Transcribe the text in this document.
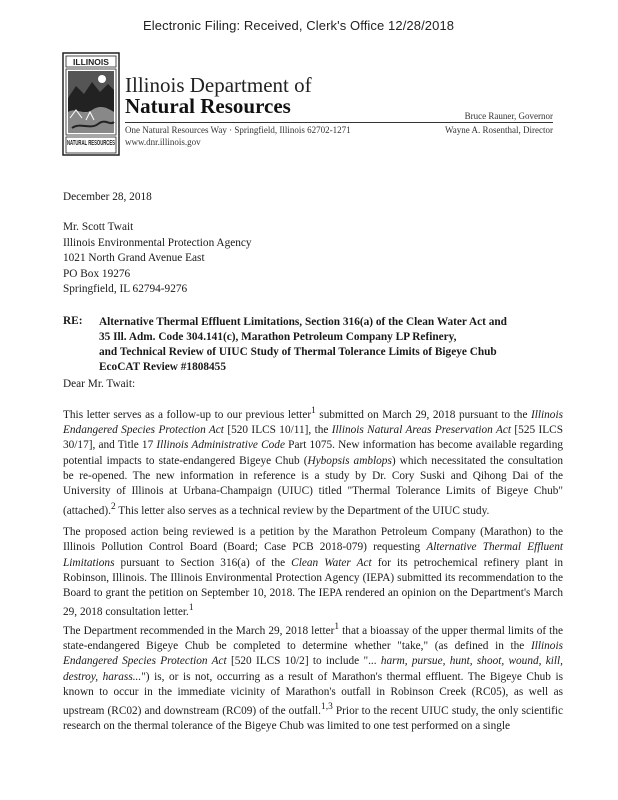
Electronic Filing: Received, Clerk's Office 12/28/2018
ILLINOIS
NATURAL RESOURCES
Illinois Department of
Natural Resources	Bruce Rauner, Governor
One Natural Resources Way · Springfield, Illinois 62702-1271	Wayne A. Rosenthal, Director
www.dnr.illinois.gov
December 28, 2018
Mr. Scott Twait
Illinois Environmental Protection Agency
1021 North Grand Avenue East
PO Box 19276
Springfield, IL 62794-9276
RE: Alternative Thermal Effluent Limitations, Section 316(a) of the Clean Water Act and
35 Ill. Adm. Code 304.141(c), Marathon Petroleum Company LP Refinery,
and Technical Review of UIUC Study of Thermal Tolerance Limits of Bigeye Chub
EcoCAT Review #1808455
Dear Mr. Twait:
This letter serves as a follow-up to our previous letter$^1$ submitted on March 29, 2018 pursuant to the Illinois Endangered Species Protection Act [520 ILCS 10/11], the Illinois Natural Areas Preservation Act [525 ILCS 30/17], and Title 17 Illinois Administrative Code Part 1075. New information has become available regarding potential impacts to state-endangered Bigeye Chub (Hybopsis amblops) which necessitated the consultation be re-opened. The new information in reference is a study by Dr. Cory Suski and Qihong Dai of the University of Illinois at Urbana-Champaign (UIUC) titled "Thermal Tolerance Limits of Bigeye Chub" (attached).$^2$ This letter also serves as a technical review by the Department of the UIUC study.
The proposed action being reviewed is a petition by the Marathon Petroleum Company (Marathon) to the Illinois Pollution Control Board (Board; Case PCB 2018-079) requesting Alternative Thermal Effluent Limitations pursuant to Section 316(a) of the Clean Water Act for its petrochemical refinery plant in Robinson, Illinois. The Illinois Environmental Protection Agency (IEPA) submitted its recommendation to the Board to grant the petition on September 10, 2018. The IEPA rendered an opinion on the Department's March 29, 2018 consultation letter.$^1$
The Department recommended in the March 29, 2018 letter$^1$ that a bioassay of the upper thermal limits of the state-endangered Bigeye Chub be completed to determine whether "take," (as defined in the Illinois Endangered Species Protection Act [520 ILCS 10/2] to include "... harm, pursue, hunt, shoot, wound, kill, destroy, harass...") is, or is not, occurring as a result of Marathon's thermal effluent. The Bigeye Chub is known to occur in the immediate vicinity of Marathon's outfall in Robinson Creek (RC05), as well as upstream (RC02) and downstream (RC09) of the outfall.$^{1,3}$ Prior to the recent UIUC study, the only scientific research on the thermal tolerance of the Bigeye Chub was limited to one test performed on a single
